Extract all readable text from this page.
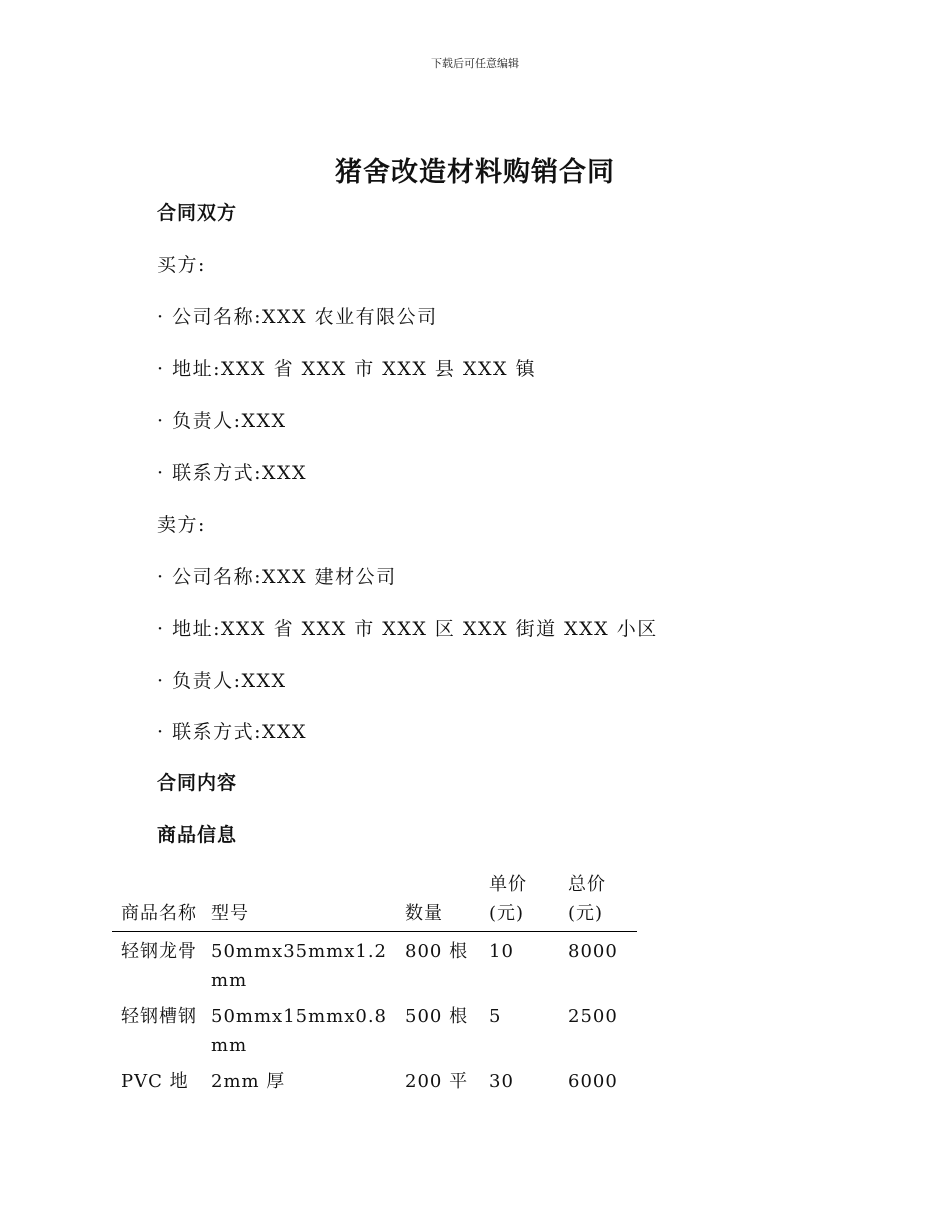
下载后可任意编辑
猪舍改造材料购销合同
合同双方
买方:
· 公司名称:XXX 农业有限公司
· 地址:XXX 省 XXX 市 XXX 县 XXX 镇
· 负责人:XXX
· 联系方式:XXX
卖方:
· 公司名称:XXX 建材公司
· 地址:XXX 省 XXX 市 XXX 区 XXX 街道 XXX 小区
· 负责人:XXX
· 联系方式:XXX
合同内容
商品信息
商品名称	型号	数量	单价(元)	总价(元)
轻钢龙骨	50mmx35mmx1.2mm	800 根	10	8000
轻钢槽钢	50mmx15mmx0.8mm	500 根	5	2500
PVC 地	2mm 厚	200 平	30	6000
